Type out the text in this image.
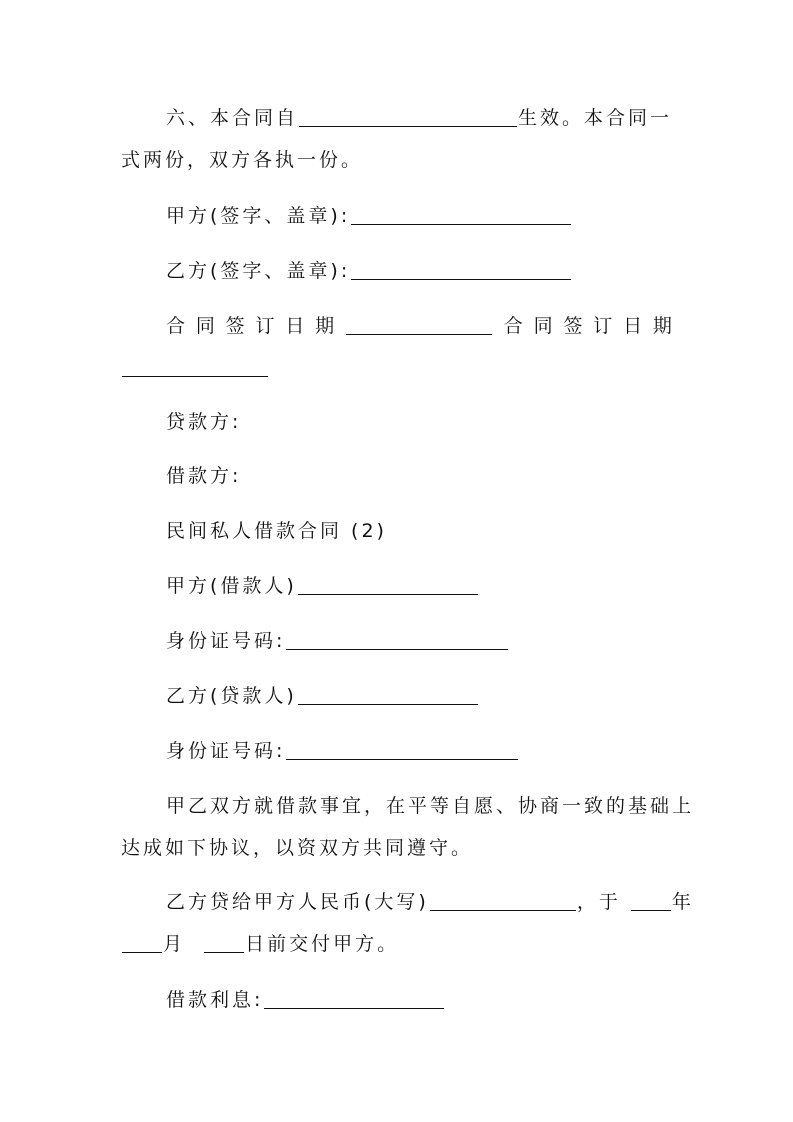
六、本合同自	生效。本合同一
式两份，双方各执一份。
甲方(签字、盖章):
乙方(签字、盖章):
合 同 签 订 日 期	合 同 签 订 日 期
贷款方:
借款方:
民间私人借款合同 (2)
甲方(借款人)
身份证号码:
乙方(贷款人)
身份证号码:
甲乙双方就借款事宜，在平等自愿、协商一致的基础上
达成如下协议，以资双方共同遵守。
乙方贷给甲方人民币(大写)	，于	年
月	日前交付甲方。
借款利息:
